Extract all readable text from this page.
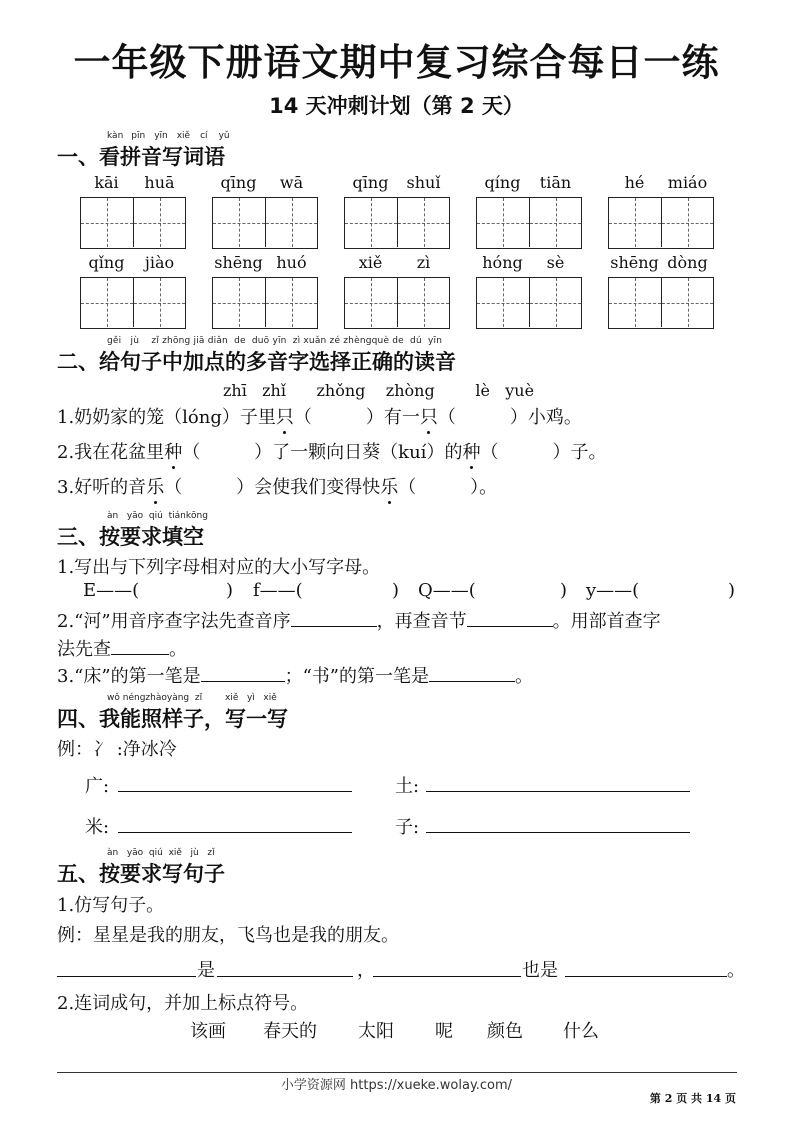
一年级下册语文期中复习综合每日一练
14 天冲刺计划（第 2 天）
kàn pīn yīn xiě cí yǔ
一、看拼音写词语
kāi	huā	qīng	wā	qīng	shuǐ	qíng	tiān	hé	miáo
qǐng	jiào	shēng huó	xiě	zì	hóng	sè	shēng dòng
gěi jù zǐ zhōng jiā diǎn de duō yīn zì xuǎn zé zhèngquè de dú yīn
二、给句子中加点的多音字选择正确的读音
zhī zhǐ zhǒng zhòng	lè yuè
1.奶奶家的笼（lóng）子里只（　　　）有一只（　　　）小鸡。
2.我在花盆里种（　　　）了一颗向日葵（kuí）的种（　　　）子。
3.好听的音乐（　　　）会使我们变得快乐（　　　）。
àn yāo qiú tiánkōng
三、按要求填空
1.写出与下列字母相对应的大小写字母。
E——(	) f——(	) Q——(	) y——(	)
2.“河”用音序查字法先查音序	，再查音节	。用部首查字
法先查	。
3.“床”的第一笔是	；“书”的第一笔是	。
wǒ néngzhàoyàng zǐ	xiě yì xiě
四、我能照样子，写一写
例：冫 :净冰冷
广:	土:
米:	子:
àn yāo qiú xiě jù zǐ
五、按要求写句子
1.仿写句子。
例：星星是我的朋友，飞鸟也是我的朋友。
是	，	也是	。
2.连词成句，并加上标点符号。
该画 春天的 太阳 呢 颜色 什么
小学资源网 https://xueke.wolay.com/
第 2 页 共 14 页
